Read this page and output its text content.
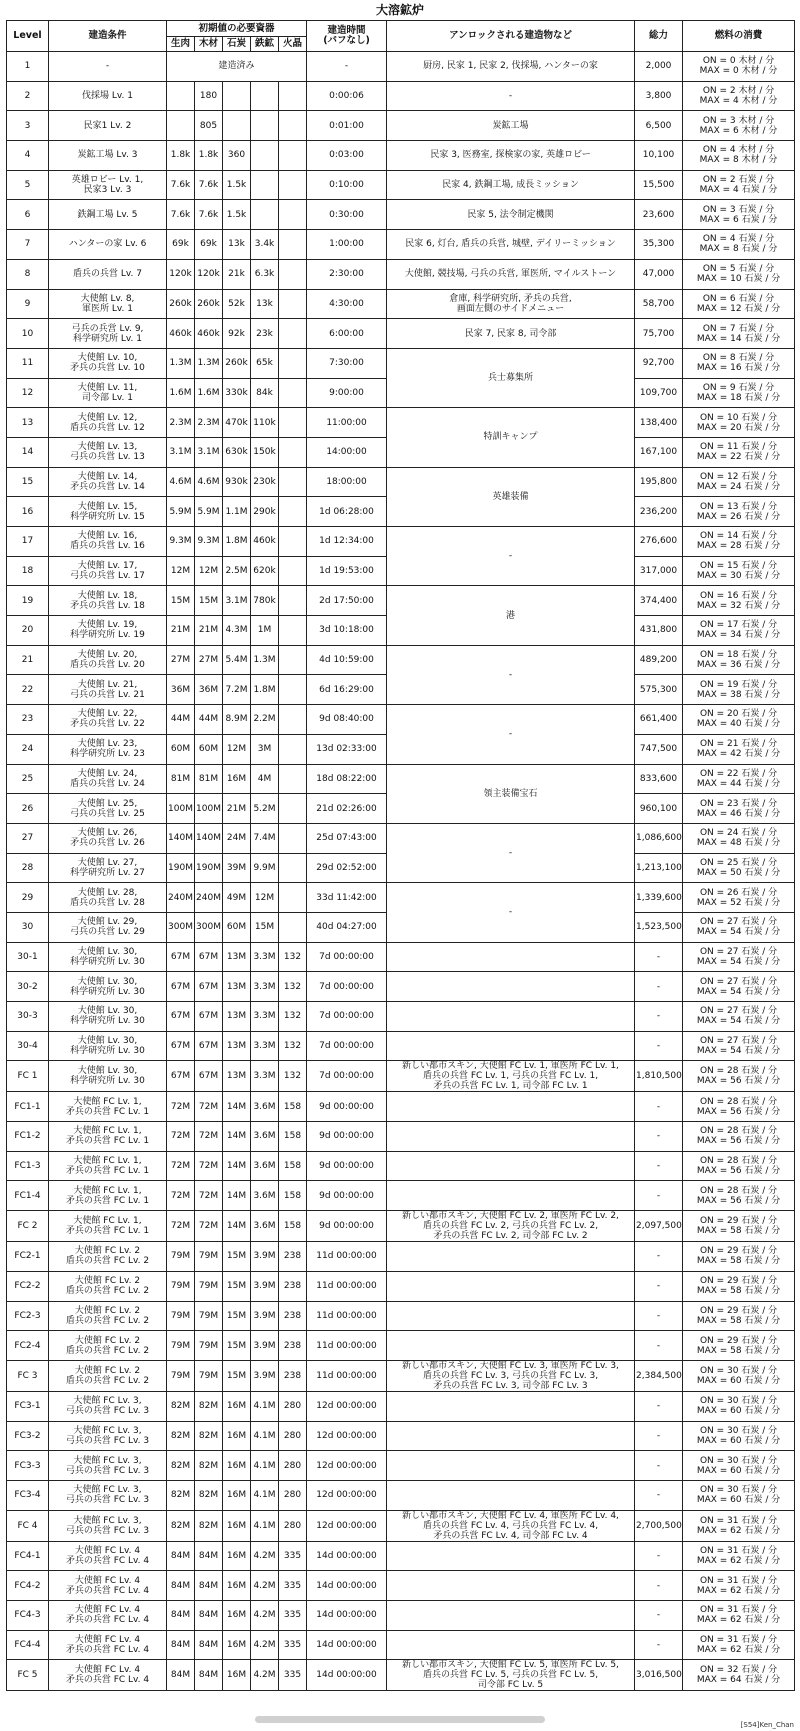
大溶鉱炉
Level	建造条件	初期値の必要資器					建造時間
(バフなし)	アンロックされる建造物など	総力	燃料の消費
		生肉	木材	石炭	鉄鉱	火晶				
1	-	建造済み					-	厨房, 民家 1, 民家 2, 伐採場, ハンターの家	2,000	ON = 0 木材 / 分
MAX = 0 木材 / 分
2	伐採場 Lv. 1		180				0:00:06	-	3,800	ON = 2 木材 / 分
MAX = 4 木材 / 分
3	民家1 Lv. 2		805				0:01:00	炭鉱工場	6,500	ON = 3 木材 / 分
MAX = 6 木材 / 分
4	炭鉱工場 Lv. 3	1.8k	1.8k	360			0:03:00	民家 3, 医務室, 探検家の家, 英雄ロビー	10,100	ON = 4 木材 / 分
MAX = 8 木材 / 分
5	英雄ロビー Lv. 1,
民家3 Lv. 3	7.6k	7.6k	1.5k			0:10:00	民家 4, 鉄鋼工場, 成長ミッション	15,500	ON = 2 石炭 / 分
MAX = 4 石炭 / 分
6	鉄鋼工場 Lv. 5	7.6k	7.6k	1.5k			0:30:00	民家 5, 法令制定機関	23,600	ON = 3 石炭 / 分
MAX = 6 石炭 / 分
7	ハンターの家 Lv. 6	69k	69k	13k	3.4k		1:00:00	民家 6, 灯台, 盾兵の兵営, 城壁, デイリーミッション	35,300	ON = 4 石炭 / 分
MAX = 8 石炭 / 分
8	盾兵の兵営 Lv. 7	120k	120k	21k	6.3k		2:30:00	大使館, 競技場, 弓兵の兵営, 軍医所, マイルストーン	47,000	ON = 5 石炭 / 分
MAX = 10 石炭 / 分
9	大使館 Lv. 8,
軍医所 Lv. 1	260k	260k	52k	13k		4:30:00	倉庫, 科学研究所, 矛兵の兵営,
画面左側のサイドメニュー	58,700	ON = 6 石炭 / 分
MAX = 12 石炭 / 分
10	弓兵の兵営 Lv. 9,
科学研究所 Lv. 1	460k	460k	92k	23k		6:00:00	民家 7, 民家 8, 司令部	75,700	ON = 7 石炭 / 分
MAX = 14 石炭 / 分
11	大使館 Lv. 10,
矛兵の兵営 Lv. 10	1.3M	1.3M	260k	65k		7:30:00	兵士募集所	92,700	ON = 8 石炭 / 分
MAX = 16 石炭 / 分
12	大使館 Lv. 11,
司令部 Lv. 1	1.6M	1.6M	330k	84k		9:00:00		109,700	ON = 9 石炭 / 分
MAX = 18 石炭 / 分
13	大使館 Lv. 12,
盾兵の兵営 Lv. 12	2.3M	2.3M	470k	110k		11:00:00	特訓キャンプ	138,400	ON = 10 石炭 / 分
MAX = 20 石炭 / 分
14	大使館 Lv. 13,
弓兵の兵営 Lv. 13	3.1M	3.1M	630k	150k		14:00:00		167,100	ON = 11 石炭 / 分
MAX = 22 石炭 / 分
15	大使館 Lv. 14,
矛兵の兵営 Lv. 14	4.6M	4.6M	930k	230k		18:00:00	英雄装備	195,800	ON = 12 石炭 / 分
MAX = 24 石炭 / 分
16	大使館 Lv. 15,
科学研究所 Lv. 15	5.9M	5.9M	1.1M	290k		1d 06:28:00		236,200	ON = 13 石炭 / 分
MAX = 26 石炭 / 分
17	大使館 Lv. 16,
盾兵の兵営 Lv. 16	9.3M	9.3M	1.8M	460k		1d 12:34:00	-	276,600	ON = 14 石炭 / 分
MAX = 28 石炭 / 分
18	大使館 Lv. 17,
弓兵の兵営 Lv. 17	12M	12M	2.5M	620k		1d 19:53:00		317,000	ON = 15 石炭 / 分
MAX = 30 石炭 / 分
19	大使館 Lv. 18,
矛兵の兵営 Lv. 18	15M	15M	3.1M	780k		2d 17:50:00	港	374,400	ON = 16 石炭 / 分
MAX = 32 石炭 / 分
20	大使館 Lv. 19,
科学研究所 Lv. 19	21M	21M	4.3M	1M		3d 10:18:00		431,800	ON = 17 石炭 / 分
MAX = 34 石炭 / 分
21	大使館 Lv. 20,
盾兵の兵営 Lv. 20	27M	27M	5.4M	1.3M		4d 10:59:00	-	489,200	ON = 18 石炭 / 分
MAX = 36 石炭 / 分
22	大使館 Lv. 21,
弓兵の兵営 Lv. 21	36M	36M	7.2M	1.8M		6d 16:29:00		575,300	ON = 19 石炭 / 分
MAX = 38 石炭 / 分
23	大使館 Lv. 22,
矛兵の兵営 Lv. 22	44M	44M	8.9M	2.2M		9d 08:40:00	-	661,400	ON = 20 石炭 / 分
MAX = 40 石炭 / 分
24	大使館 Lv. 23,
科学研究所 Lv. 23	60M	60M	12M	3M		13d 02:33:00		747,500	ON = 21 石炭 / 分
MAX = 42 石炭 / 分
25	大使館 Lv. 24,
盾兵の兵営 Lv. 24	81M	81M	16M	4M		18d 08:22:00	領主装備宝石	833,600	ON = 22 石炭 / 分
MAX = 44 石炭 / 分
26	大使館 Lv. 25,
弓兵の兵営 Lv. 25	100M	100M	21M	5.2M		21d 02:26:00		960,100	ON = 23 石炭 / 分
MAX = 46 石炭 / 分
27	大使館 Lv. 26,
矛兵の兵営 Lv. 26	140M	140M	24M	7.4M		25d 07:43:00	-	1,086,600	ON = 24 石炭 / 分
MAX = 48 石炭 / 分
28	大使館 Lv. 27,
科学研究所 Lv. 27	190M	190M	39M	9.9M		29d 02:52:00		1,213,100	ON = 25 石炭 / 分
MAX = 50 石炭 / 分
29	大使館 Lv. 28,
盾兵の兵営 Lv. 28	240M	240M	49M	12M		33d 11:42:00	-	1,339,600	ON = 26 石炭 / 分
MAX = 52 石炭 / 分
30	大使館 Lv. 29,
弓兵の兵営 Lv. 29	300M	300M	60M	15M		40d 04:27:00		1,523,500	ON = 27 石炭 / 分
MAX = 54 石炭 / 分
30-1	大使館 Lv. 30,
科学研究所 Lv. 30	67M	67M	13M	3.3M	132	7d 00:00:00		-	ON = 27 石炭 / 分
MAX = 54 石炭 / 分
30-2	大使館 Lv. 30,
科学研究所 Lv. 30	67M	67M	13M	3.3M	132	7d 00:00:00		-	ON = 27 石炭 / 分
MAX = 54 石炭 / 分
30-3	大使館 Lv. 30,
科学研究所 Lv. 30	67M	67M	13M	3.3M	132	7d 00:00:00		-	ON = 27 石炭 / 分
MAX = 54 石炭 / 分
30-4	大使館 Lv. 30,
科学研究所 Lv. 30	67M	67M	13M	3.3M	132	7d 00:00:00		-	ON = 27 石炭 / 分
MAX = 54 石炭 / 分
FC 1	大使館 Lv. 30,
科学研究所 Lv. 30	67M	67M	13M	3.3M	132	7d 00:00:00	新しい都市スキン, 大使館 FC Lv. 1, 軍医所 FC Lv. 1,
盾兵の兵営 FC Lv. 1, 弓兵の兵営 FC Lv. 1,
矛兵の兵営 FC Lv. 1, 司令部 FC Lv. 1	1,810,500	ON = 28 石炭 / 分
MAX = 56 石炭 / 分
FC1-1	大使館 FC Lv. 1,
矛兵の兵営 FC Lv. 1	72M	72M	14M	3.6M	158	9d 00:00:00		-	ON = 28 石炭 / 分
MAX = 56 石炭 / 分
FC1-2	大使館 FC Lv. 1,
矛兵の兵営 FC Lv. 1	72M	72M	14M	3.6M	158	9d 00:00:00		-	ON = 28 石炭 / 分
MAX = 56 石炭 / 分
FC1-3	大使館 FC Lv. 1,
矛兵の兵営 FC Lv. 1	72M	72M	14M	3.6M	158	9d 00:00:00		-	ON = 28 石炭 / 分
MAX = 56 石炭 / 分
FC1-4	大使館 FC Lv. 1,
矛兵の兵営 FC Lv. 1	72M	72M	14M	3.6M	158	9d 00:00:00		-	ON = 28 石炭 / 分
MAX = 56 石炭 / 分
FC 2	大使館 FC Lv. 1,
矛兵の兵営 FC Lv. 1	72M	72M	14M	3.6M	158	9d 00:00:00	新しい都市スキン, 大使館 FC Lv. 2, 軍医所 FC Lv. 2,
盾兵の兵営 FC Lv. 2, 弓兵の兵営 FC Lv. 2,
矛兵の兵営 FC Lv. 2, 司令部 FC Lv. 2	2,097,500	ON = 29 石炭 / 分
MAX = 58 石炭 / 分
FC2-1	大使館 FC Lv. 2
盾兵の兵営 FC Lv. 2	79M	79M	15M	3.9M	238	11d 00:00:00		-	ON = 29 石炭 / 分
MAX = 58 石炭 / 分
FC2-2	大使館 FC Lv. 2
盾兵の兵営 FC Lv. 2	79M	79M	15M	3.9M	238	11d 00:00:00		-	ON = 29 石炭 / 分
MAX = 58 石炭 / 分
FC2-3	大使館 FC Lv. 2
盾兵の兵営 FC Lv. 2	79M	79M	15M	3.9M	238	11d 00:00:00		-	ON = 29 石炭 / 分
MAX = 58 石炭 / 分
FC2-4	大使館 FC Lv. 2
盾兵の兵営 FC Lv. 2	79M	79M	15M	3.9M	238	11d 00:00:00		-	ON = 29 石炭 / 分
MAX = 58 石炭 / 分
FC 3	大使館 FC Lv. 2
盾兵の兵営 FC Lv. 2	79M	79M	15M	3.9M	238	11d 00:00:00	新しい都市スキン, 大使館 FC Lv. 3, 軍医所 FC Lv. 3,
盾兵の兵営 FC Lv. 3, 弓兵の兵営 FC Lv. 3,
矛兵の兵営 FC Lv. 3, 司令部 FC Lv. 3	2,384,500	ON = 30 石炭 / 分
MAX = 60 石炭 / 分
FC3-1	大使館 FC Lv. 3,
弓兵の兵営 FC Lv. 3	82M	82M	16M	4.1M	280	12d 00:00:00		-	ON = 30 石炭 / 分
MAX = 60 石炭 / 分
FC3-2	大使館 FC Lv. 3,
弓兵の兵営 FC Lv. 3	82M	82M	16M	4.1M	280	12d 00:00:00		-	ON = 30 石炭 / 分
MAX = 60 石炭 / 分
FC3-3	大使館 FC Lv. 3,
弓兵の兵営 FC Lv. 3	82M	82M	16M	4.1M	280	12d 00:00:00		-	ON = 30 石炭 / 分
MAX = 60 石炭 / 分
FC3-4	大使館 FC Lv. 3,
弓兵の兵営 FC Lv. 3	82M	82M	16M	4.1M	280	12d 00:00:00		-	ON = 30 石炭 / 分
MAX = 60 石炭 / 分
FC 4	大使館 FC Lv. 3,
弓兵の兵営 FC Lv. 3	82M	82M	16M	4.1M	280	12d 00:00:00	新しい都市スキン, 大使館 FC Lv. 4, 軍医所 FC Lv. 4,
盾兵の兵営 FC Lv. 4, 弓兵の兵営 FC Lv. 4,
矛兵の兵営 FC Lv. 4, 司令部 FC Lv. 4	2,700,500	ON = 31 石炭 / 分
MAX = 62 石炭 / 分
FC4-1	大使館 FC Lv. 4
矛兵の兵営 FC Lv. 4	84M	84M	16M	4.2M	335	14d 00:00:00		-	ON = 31 石炭 / 分
MAX = 62 石炭 / 分
FC4-2	大使館 FC Lv. 4
矛兵の兵営 FC Lv. 4	84M	84M	16M	4.2M	335	14d 00:00:00		-	ON = 31 石炭 / 分
MAX = 62 石炭 / 分
FC4-3	大使館 FC Lv. 4
矛兵の兵営 FC Lv. 4	84M	84M	16M	4.2M	335	14d 00:00:00		-	ON = 31 石炭 / 分
MAX = 62 石炭 / 分
FC4-4	大使館 FC Lv. 4
矛兵の兵営 FC Lv. 4	84M	84M	16M	4.2M	335	14d 00:00:00		-	ON = 31 石炭 / 分
MAX = 62 石炭 / 分
FC 5	大使館 FC Lv. 4
矛兵の兵営 FC Lv. 4	84M	84M	16M	4.2M	335	14d 00:00:00	新しい都市スキン, 大使館 FC Lv. 5, 軍医所 FC Lv. 5,
盾兵の兵営 FC Lv. 5, 弓兵の兵営 FC Lv. 5,
司令部 FC Lv. 5	3,016,500	ON = 32 石炭 / 分
MAX = 64 石炭 / 分
[S54]Ken_Chan
